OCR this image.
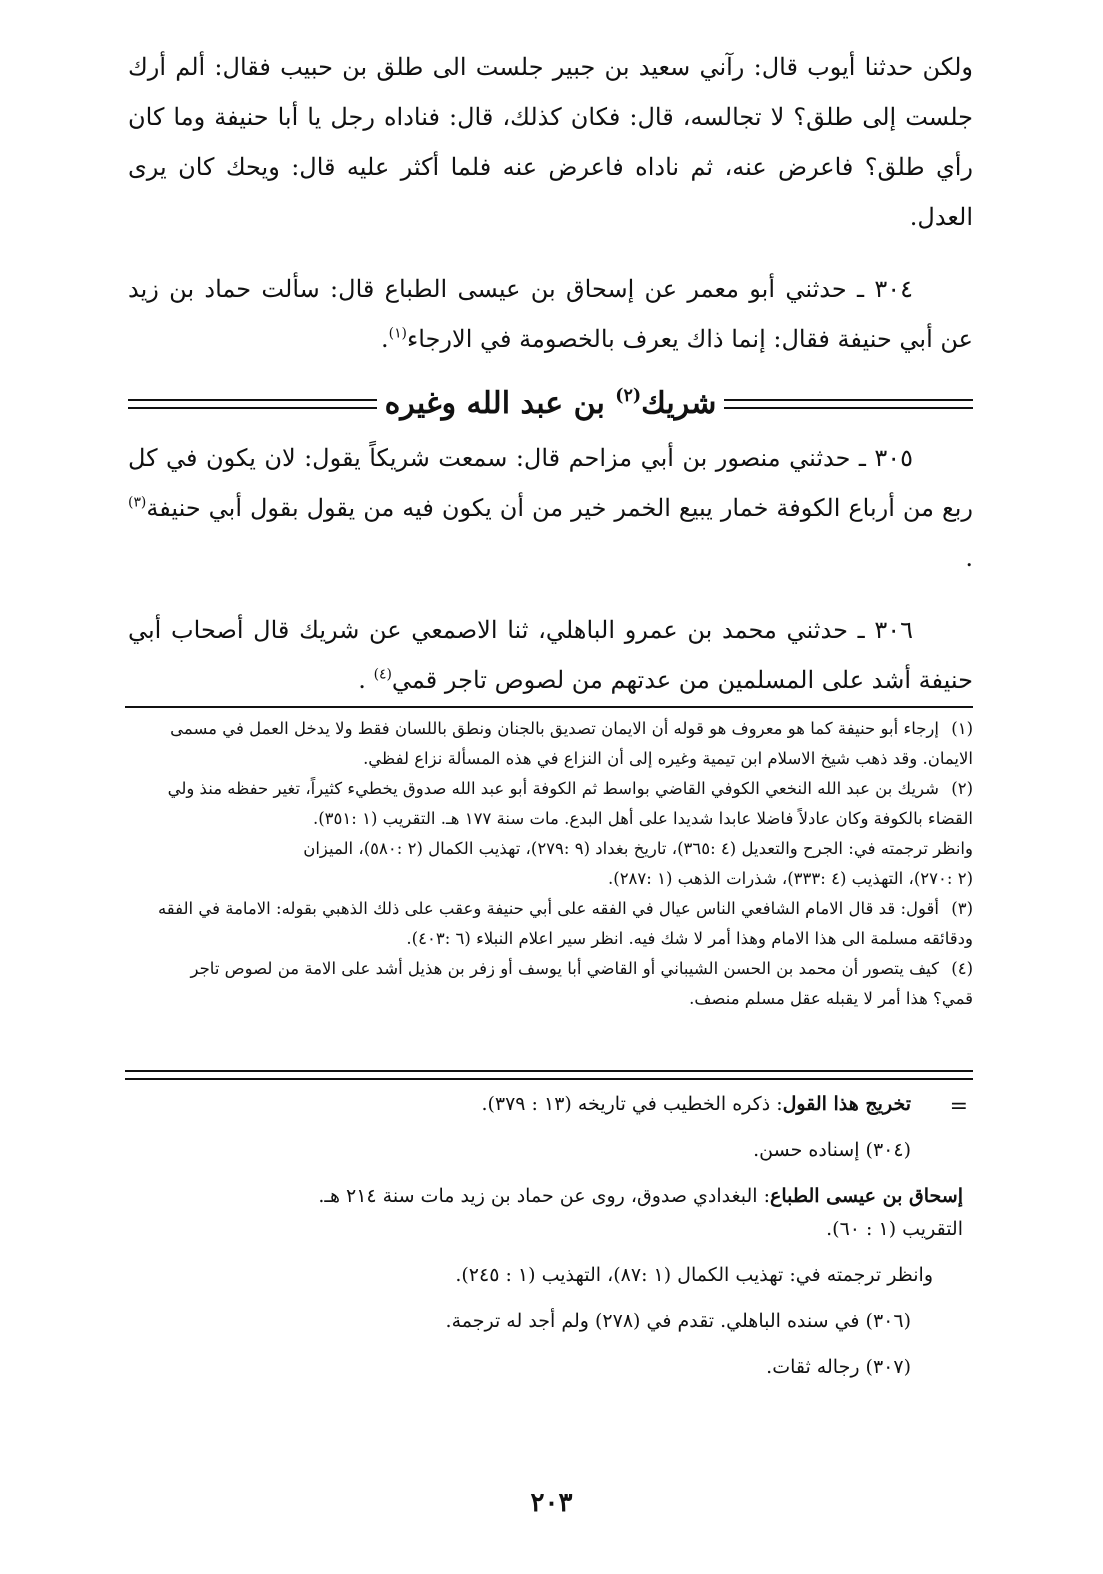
ولكن حدثنا أيوب قال: رآني سعيد بن جبير جلست الى طلق بن حبيب فقال: ألم أرك جلست إلى طلق؟ لا تجالسه، قال: فكان كذلك، قال: فناداه رجل يا أبا حنيفة وما كان رأي طلق؟ فاعرض عنه، ثم ناداه فاعرض عنه فلما أكثر عليه قال: ويحك كان يرى العدل.

٣٠٤ ـ حدثني أبو معمر عن إسحاق بن عيسى الطباع قال: سألت حماد بن زيد عن أبي حنيفة فقال: إنما ذاك يعرف بالخصومة في الارجاء$^{(١)}$.

شريك$^{(٢)}$ بن عبد الله وغيره

٣٠٥ ـ حدثني منصور بن أبي مزاحم قال: سمعت شريكاً يقول: لان يكون في كل ربع من أرباع الكوفة خمار يبيع الخمر خير من أن يكون فيه من يقول بقول أبي حنيفة$^{(٣)}$ .

٣٠٦ ـ حدثني محمد بن عمرو الباهلي، ثنا الاصمعي عن شريك قال أصحاب أبي حنيفة أشد على المسلمين من عدتهم من لصوص تاجر قمي$^{(٤)}$ .

(١)
إرجاء أبو حنيفة كما هو معروف هو قوله أن الايمان تصديق بالجنان ونطق باللسان فقط ولا يدخل العمل في مسمى
الايمان. وقد ذهب شيخ الاسلام ابن تيمية وغيره إلى أن النزاع في هذه المسألة نزاع لفظي.
(٢)
شريك بن عبد الله النخعي الكوفي القاضي بواسط ثم الكوفة أبو عبد الله صدوق يخطيء كثيراً، تغير حفظه منذ ولي
القضاء بالكوفة وكان عادلاً فاضلا عابدا شديدا على أهل البدع. مات سنة ١٧٧ هـ. التقريب (١ :٣٥١).
وانظر ترجمته في: الجرح والتعديل (٤ :٣٦٥)، تاريخ بغداد (٩ :٢٧٩)، تهذيب الكمال (٢ :٥٨٠)، الميزان
(٢ :٢٧٠)، التهذيب (٤ :٣٣٣)، شذرات الذهب (١ :٢٨٧).
(٣)
أقول: قد قال الامام الشافعي الناس عيال في الفقه على أبي حنيفة وعقب على ذلك الذهبي بقوله: الامامة في الفقه
ودقائقه مسلمة الى هذا الامام وهذا أمر لا شك فيه. انظر سير اعلام النبلاء (٦ :٤٠٣).
(٤)
كيف يتصور أن محمد بن الحسن الشيباني أو القاضي أبا يوسف أو زفر بن هذيل أشد على الامة من لصوص تاجر
قمي؟ هذا أمر لا يقبله عقل مسلم منصف.
=
تخريج هذا القول: ذكره الخطيب في تاريخه (١٣ : ٣٧٩).
(٣٠٤) إسناده حسن.
إسحاق بن عيسى الطباع: البغدادي صدوق، روى عن حماد بن زيد مات سنة ٢١٤ هـ.
التقريب (١ : ٦٠).
وانظر ترجمته في: تهذيب الكمال (١ :٨٧)، التهذيب (١ : ٢٤٥).
(٣٠٦) في سنده الباهلي. تقدم في (٢٧٨) ولم أجد له ترجمة.
(٣٠٧) رجاله ثقات.
٢٠٣
